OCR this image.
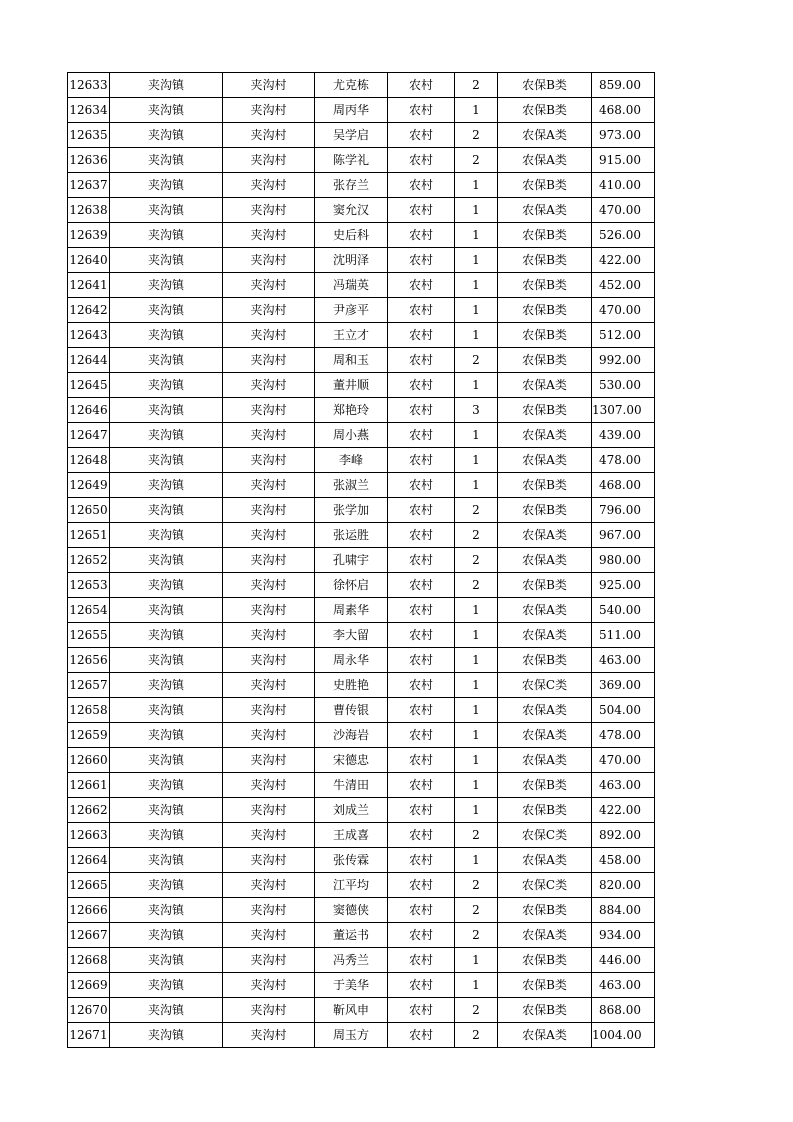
12633	夹沟镇	夹沟村	尤克栋	农村	2	农保B类	859.00
12634	夹沟镇	夹沟村	周丙华	农村	1	农保B类	468.00
12635	夹沟镇	夹沟村	吴学启	农村	2	农保A类	973.00
12636	夹沟镇	夹沟村	陈学礼	农村	2	农保A类	915.00
12637	夹沟镇	夹沟村	张存兰	农村	1	农保B类	410.00
12638	夹沟镇	夹沟村	窦允汉	农村	1	农保A类	470.00
12639	夹沟镇	夹沟村	史后科	农村	1	农保B类	526.00
12640	夹沟镇	夹沟村	沈明泽	农村	1	农保B类	422.00
12641	夹沟镇	夹沟村	冯瑞英	农村	1	农保B类	452.00
12642	夹沟镇	夹沟村	尹彦平	农村	1	农保B类	470.00
12643	夹沟镇	夹沟村	王立才	农村	1	农保B类	512.00
12644	夹沟镇	夹沟村	周和玉	农村	2	农保B类	992.00
12645	夹沟镇	夹沟村	董井顺	农村	1	农保A类	530.00
12646	夹沟镇	夹沟村	郑艳玲	农村	3	农保B类	1307.00
12647	夹沟镇	夹沟村	周小燕	农村	1	农保A类	439.00
12648	夹沟镇	夹沟村	李峰	农村	1	农保A类	478.00
12649	夹沟镇	夹沟村	张淑兰	农村	1	农保B类	468.00
12650	夹沟镇	夹沟村	张学加	农村	2	农保B类	796.00
12651	夹沟镇	夹沟村	张运胜	农村	2	农保A类	967.00
12652	夹沟镇	夹沟村	孔啸宇	农村	2	农保A类	980.00
12653	夹沟镇	夹沟村	徐怀启	农村	2	农保B类	925.00
12654	夹沟镇	夹沟村	周素华	农村	1	农保A类	540.00
12655	夹沟镇	夹沟村	李大留	农村	1	农保A类	511.00
12656	夹沟镇	夹沟村	周永华	农村	1	农保B类	463.00
12657	夹沟镇	夹沟村	史胜艳	农村	1	农保C类	369.00
12658	夹沟镇	夹沟村	曹传银	农村	1	农保A类	504.00
12659	夹沟镇	夹沟村	沙海岩	农村	1	农保A类	478.00
12660	夹沟镇	夹沟村	宋德忠	农村	1	农保A类	470.00
12661	夹沟镇	夹沟村	牛清田	农村	1	农保B类	463.00
12662	夹沟镇	夹沟村	刘成兰	农村	1	农保B类	422.00
12663	夹沟镇	夹沟村	王成喜	农村	2	农保C类	892.00
12664	夹沟镇	夹沟村	张传霖	农村	1	农保A类	458.00
12665	夹沟镇	夹沟村	江平均	农村	2	农保C类	820.00
12666	夹沟镇	夹沟村	窦德侠	农村	2	农保B类	884.00
12667	夹沟镇	夹沟村	董运书	农村	2	农保A类	934.00
12668	夹沟镇	夹沟村	冯秀兰	农村	1	农保B类	446.00
12669	夹沟镇	夹沟村	于美华	农村	1	农保B类	463.00
12670	夹沟镇	夹沟村	靳风申	农村	2	农保B类	868.00
12671	夹沟镇	夹沟村	周玉方	农村	2	农保A类	1004.00
